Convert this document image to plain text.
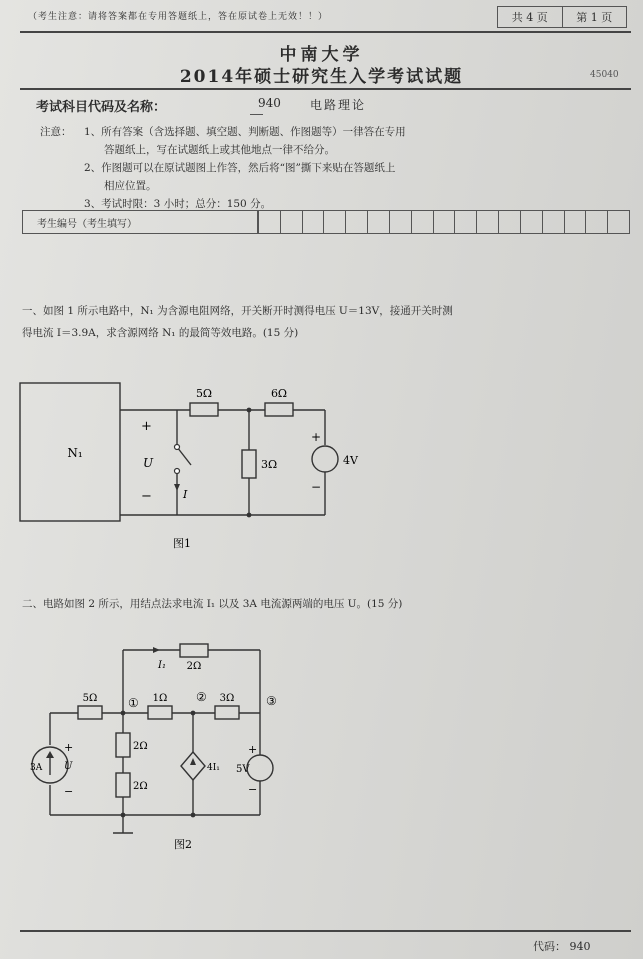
（考生注意：请将答案都在专用答题纸上，答在原试卷上无效！！）	共 4 页	第 1 页
中南大学
2014年硕士研究生入学考试试题	45040
考试科目代码及名称：	940 电路理论
注意： 1、所有答案（含选择题、填空题、判断题、作图题等）一律答在专用
答题纸上，写在试题纸上或其他地点一律不给分。
2、作图题可以在原试题图上作答，然后将“图”撕下来贴在答题纸上
相应位置。
3、考试时限：3 小时；总分：150 分。
考生编号（考生填写）
一、如图 1 所示电路中，N₁ 为含源电阻网络，开关断开时测得电压 U＝13V，接通开关时测
得电流 I＝3.9A，求含源网络 N₁ 的最简等效电路。(15 分)
N₁
5Ω	6Ω
3Ω	4V
U
I
+
−
+
−
图1
二、电路如图 2 所示，用结点法求电流 I₁ 以及 3A 电流源两端的电压 U。(15 分)
2Ω
I₁
5Ω	1Ω	3Ω
2Ω
2Ω
3A U	4I₁ 5V
①	②	③
+
−
+
−
图2
代码： 940
